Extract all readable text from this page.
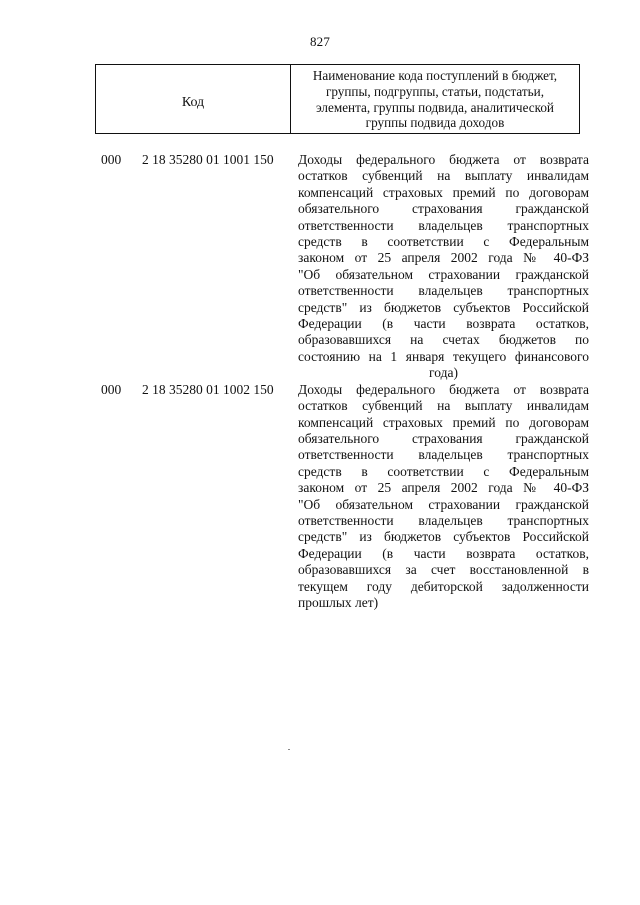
827
Код
Наименование кода поступлений в бюджет,
группы, подгруппы, статьи, подстатьи,
элемента, группы подвида, аналитической
группы подвида доходов
000 2 18 35280 01 1001 150 Доходы федерального бюджета от возврата
остатков субвенций на выплату инвалидам
компенсаций страховых премий по договорам
обязательного страхования гражданской
ответственности владельцев транспортных
средств в соответствии с Федеральным
законом от 25 апреля 2002 года № 40-ФЗ
"Об обязательном страховании гражданской
ответственности владельцев транспортных
средств" из бюджетов субъектов Российской
Федерации (в части возврата остатков,
образовавшихся на счетах бюджетов по
состоянию на 1 января текущего финансового
года)
000 2 18 35280 01 1002 150 Доходы федерального бюджета от возврата
остатков субвенций на выплату инвалидам
компенсаций страховых премий по договорам
обязательного страхования гражданской
ответственности владельцев транспортных
средств в соответствии с Федеральным
законом от 25 апреля 2002 года № 40-ФЗ
"Об обязательном страховании гражданской
ответственности владельцев транспортных
средств" из бюджетов субъектов Российской
Федерации (в части возврата остатков,
образовавшихся за счет восстановленной в
текущем году дебиторской задолженности
прошлых лет)
